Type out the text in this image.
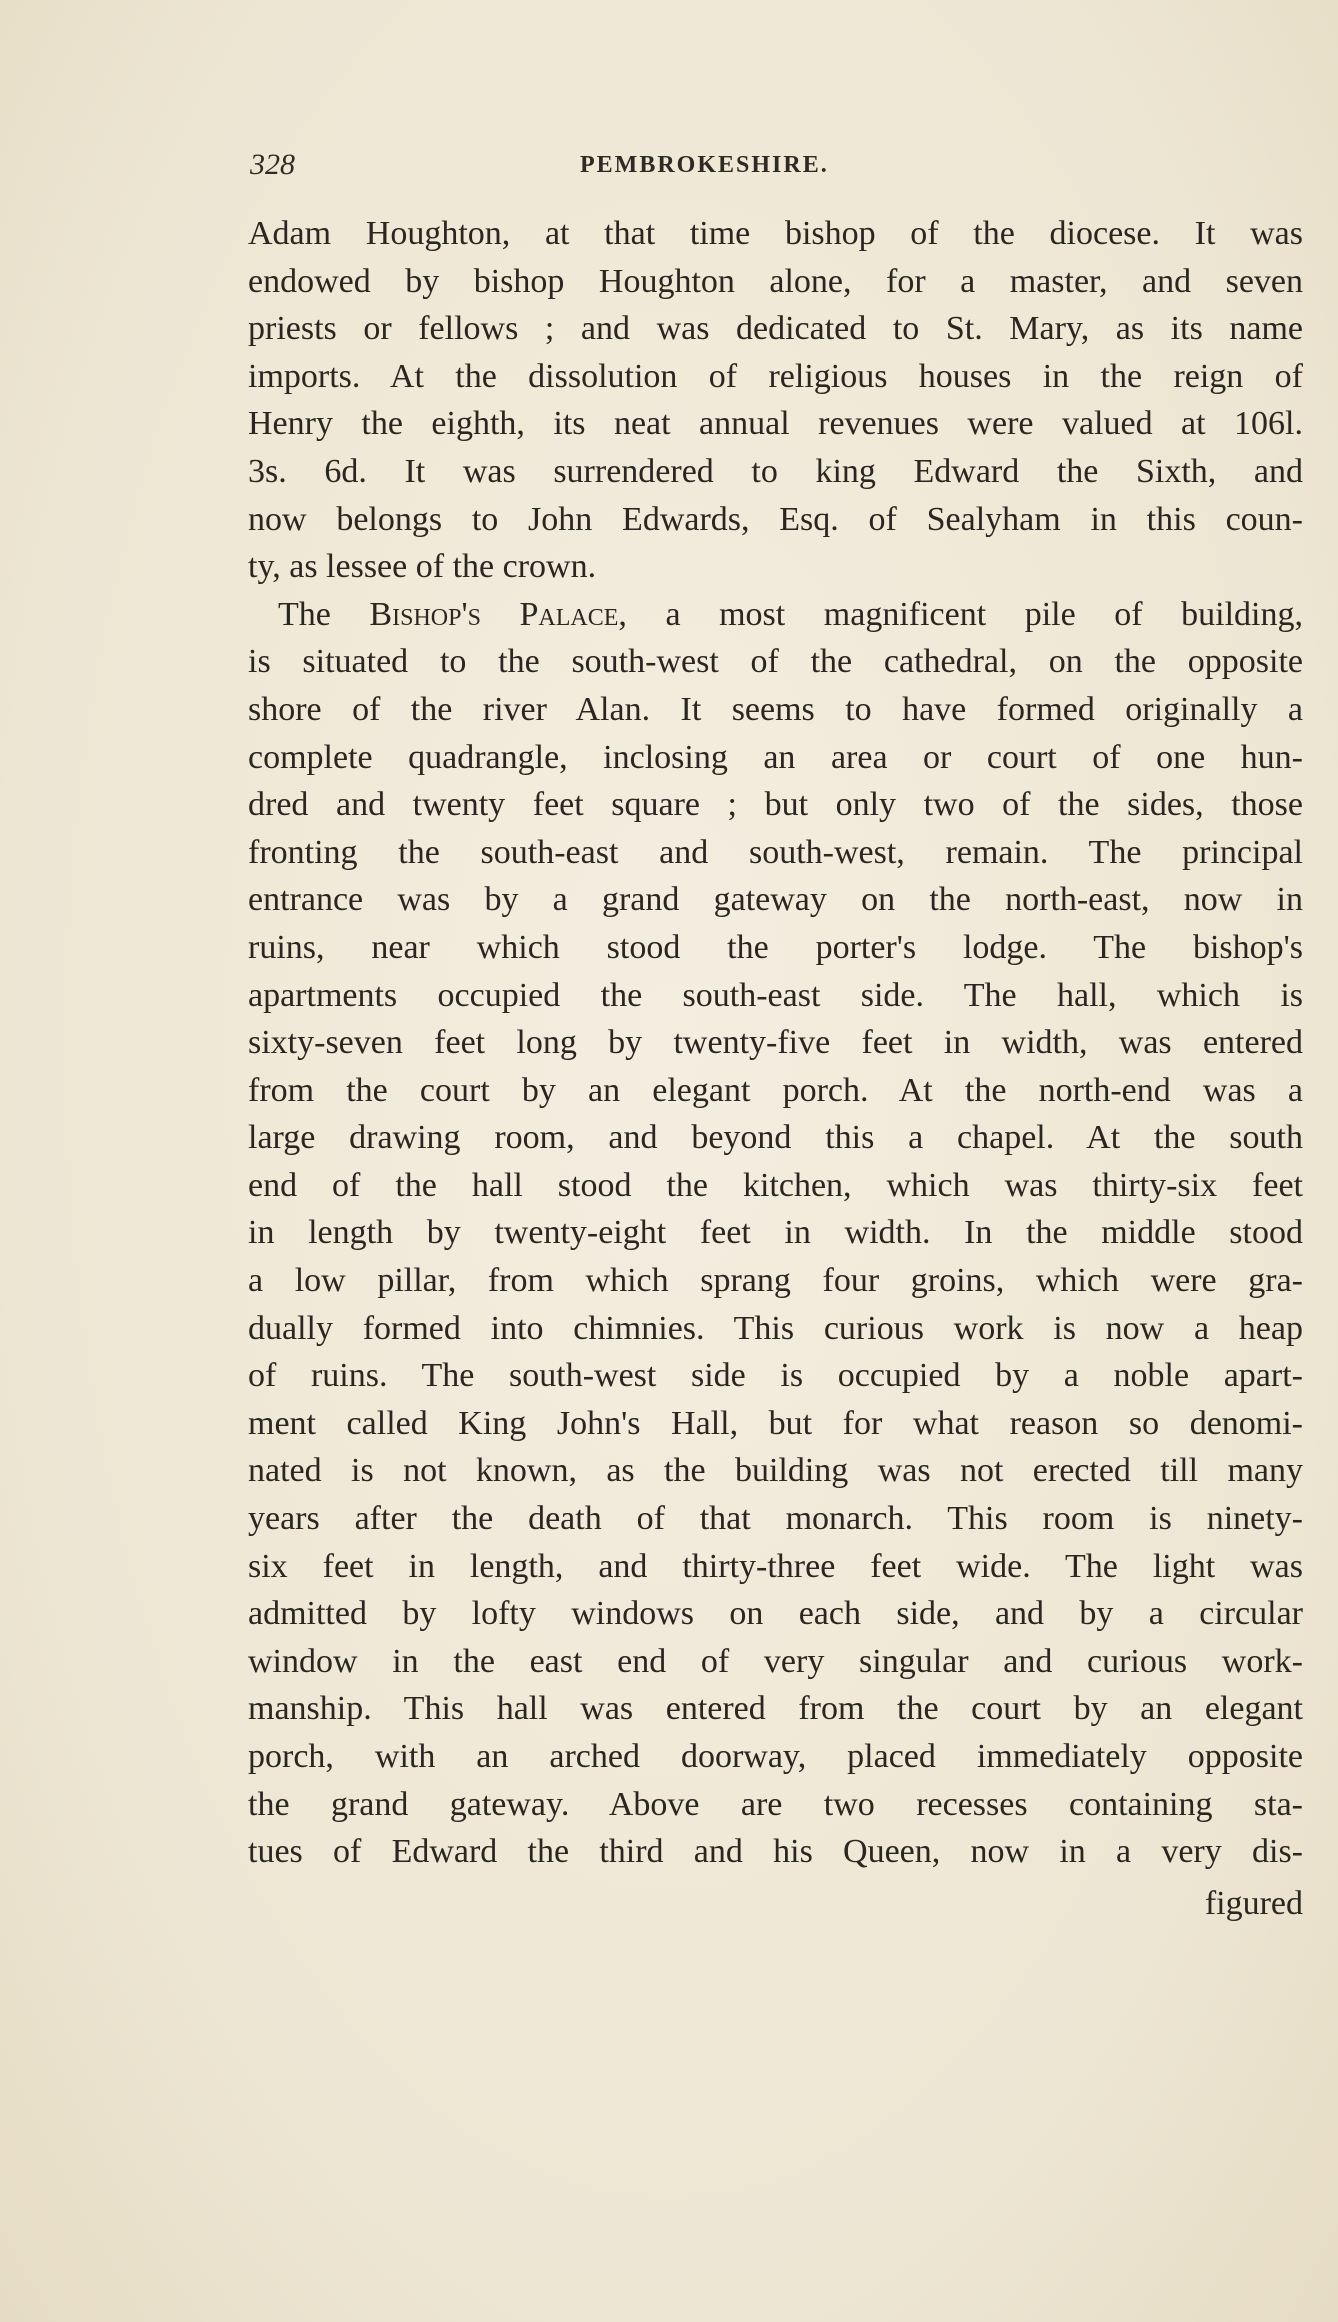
328	PEMBROKESHIRE.
Adam Houghton, at that time bishop of the diocese. It was
endowed by bishop Houghton alone, for a master, and seven
priests or fellows ; and was dedicated to St. Mary, as its name
imports. At the dissolution of religious houses in the reign of
Henry the eighth, its neat annual revenues were valued at 106l.
3s. 6d. It was surrendered to king Edward the Sixth, and
now belongs to John Edwards, Esq. of Sealyham in this coun-
ty, as lessee of the crown.
The Bishop's Palace, a most magnificent pile of building,
is situated to the south-west of the cathedral, on the opposite
shore of the river Alan. It seems to have formed originally a
complete quadrangle, inclosing an area or court of one hun-
dred and twenty feet square ; but only two of the sides, those
fronting the south-east and south-west, remain. The principal
entrance was by a grand gateway on the north-east, now in
ruins, near which stood the porter's lodge. The bishop's
apartments occupied the south-east side. The hall, which is
sixty-seven feet long by twenty-five feet in width, was entered
from the court by an elegant porch. At the north-end was a
large drawing room, and beyond this a chapel. At the south
end of the hall stood the kitchen, which was thirty-six feet
in length by twenty-eight feet in width. In the middle stood
a low pillar, from which sprang four groins, which were gra-
dually formed into chimnies. This curious work is now a heap
of ruins. The south-west side is occupied by a noble apart-
ment called King John's Hall, but for what reason so denomi-
nated is not known, as the building was not erected till many
years after the death of that monarch. This room is ninety-
six feet in length, and thirty-three feet wide. The light was
admitted by lofty windows on each side, and by a circular
window in the east end of very singular and curious work-
manship. This hall was entered from the court by an elegant
porch, with an arched doorway, placed immediately opposite
the grand gateway. Above are two recesses containing sta-
tues of Edward the third and his Queen, now in a very dis-
figured
